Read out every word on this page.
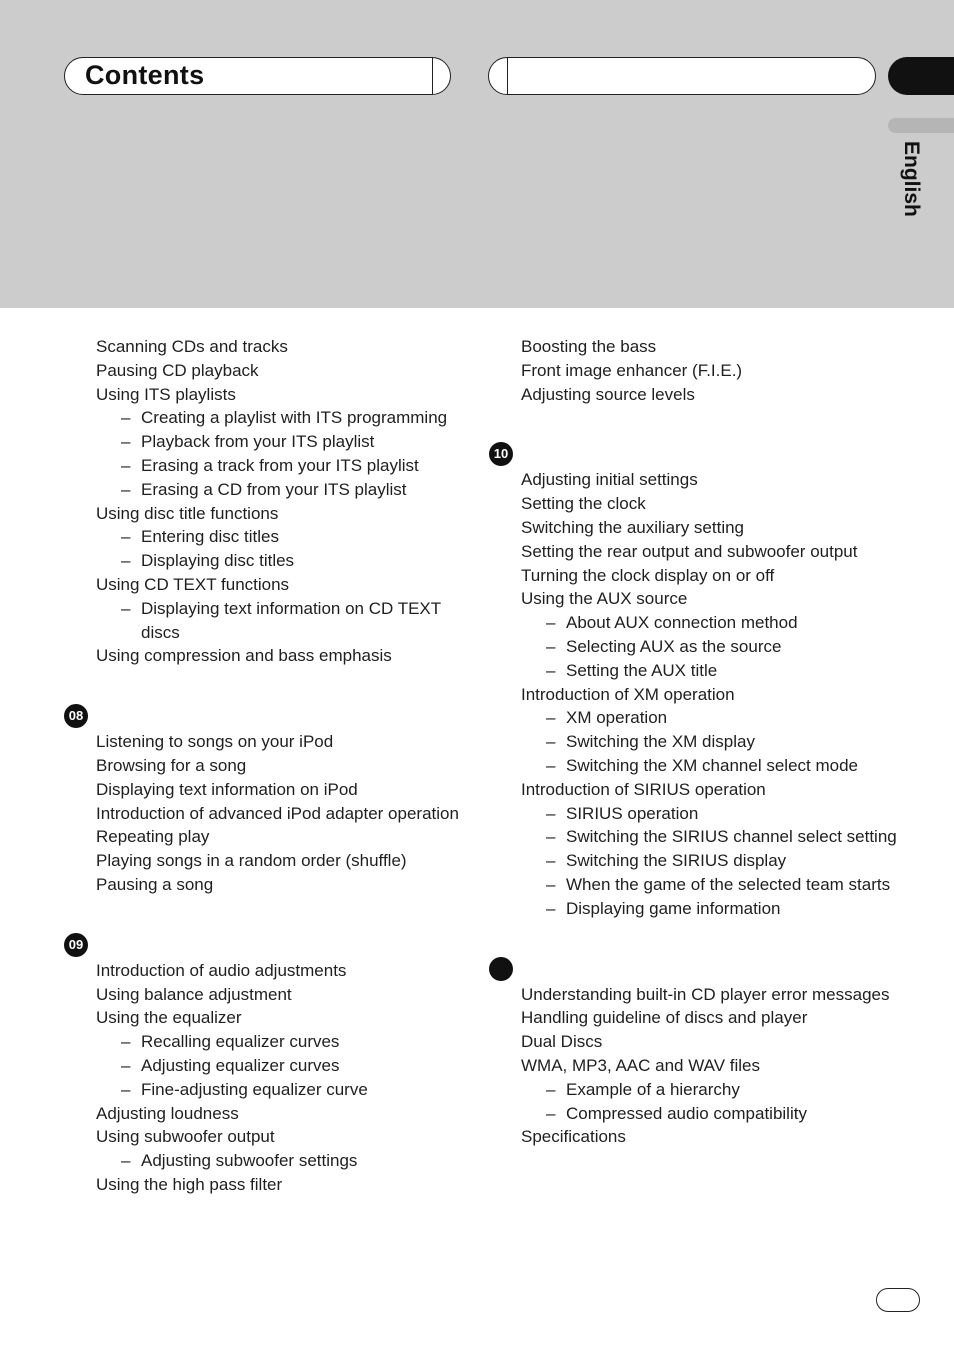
Contents
English

Scanning CDs and tracks

Pausing CD playback

Using ITS playlists

– Creating a playlist with ITS programming

– Playback from your ITS playlist

– Erasing a track from your ITS playlist

– Erasing a CD from your ITS playlist

Using disc title functions

– Entering disc titles

– Displaying disc titles

Using CD TEXT functions

– Displaying text information on CD TEXT discs

Using compression and bass emphasis

08

Listening to songs on your iPod

Browsing for a song

Displaying text information on iPod

Introduction of advanced iPod adapter operation

Repeating play

Playing songs in a random order (shuffle)

Pausing a song

09

Introduction of audio adjustments

Using balance adjustment

Using the equalizer

– Recalling equalizer curves

– Adjusting equalizer curves

– Fine-adjusting equalizer curve

Adjusting loudness

Using subwoofer output

– Adjusting subwoofer settings

Using the high pass filter

Boosting the bass

Front image enhancer (F.I.E.)

Adjusting source levels

10

Adjusting initial settings

Setting the clock

Switching the auxiliary setting

Setting the rear output and subwoofer output

Turning the clock display on or off

Using the AUX source

– About AUX connection method

– Selecting AUX as the source

– Setting the AUX title

Introduction of XM operation

– XM operation

– Switching the XM display

– Switching the XM channel select mode

Introduction of SIRIUS operation

– SIRIUS operation

– Switching the SIRIUS channel select setting

– Switching the SIRIUS display

– When the game of the selected team starts

– Displaying game information

Understanding built-in CD player error messages

Handling guideline of discs and player

Dual Discs

WMA, MP3, AAC and WAV files

– Example of a hierarchy

– Compressed audio compatibility

Specifications
